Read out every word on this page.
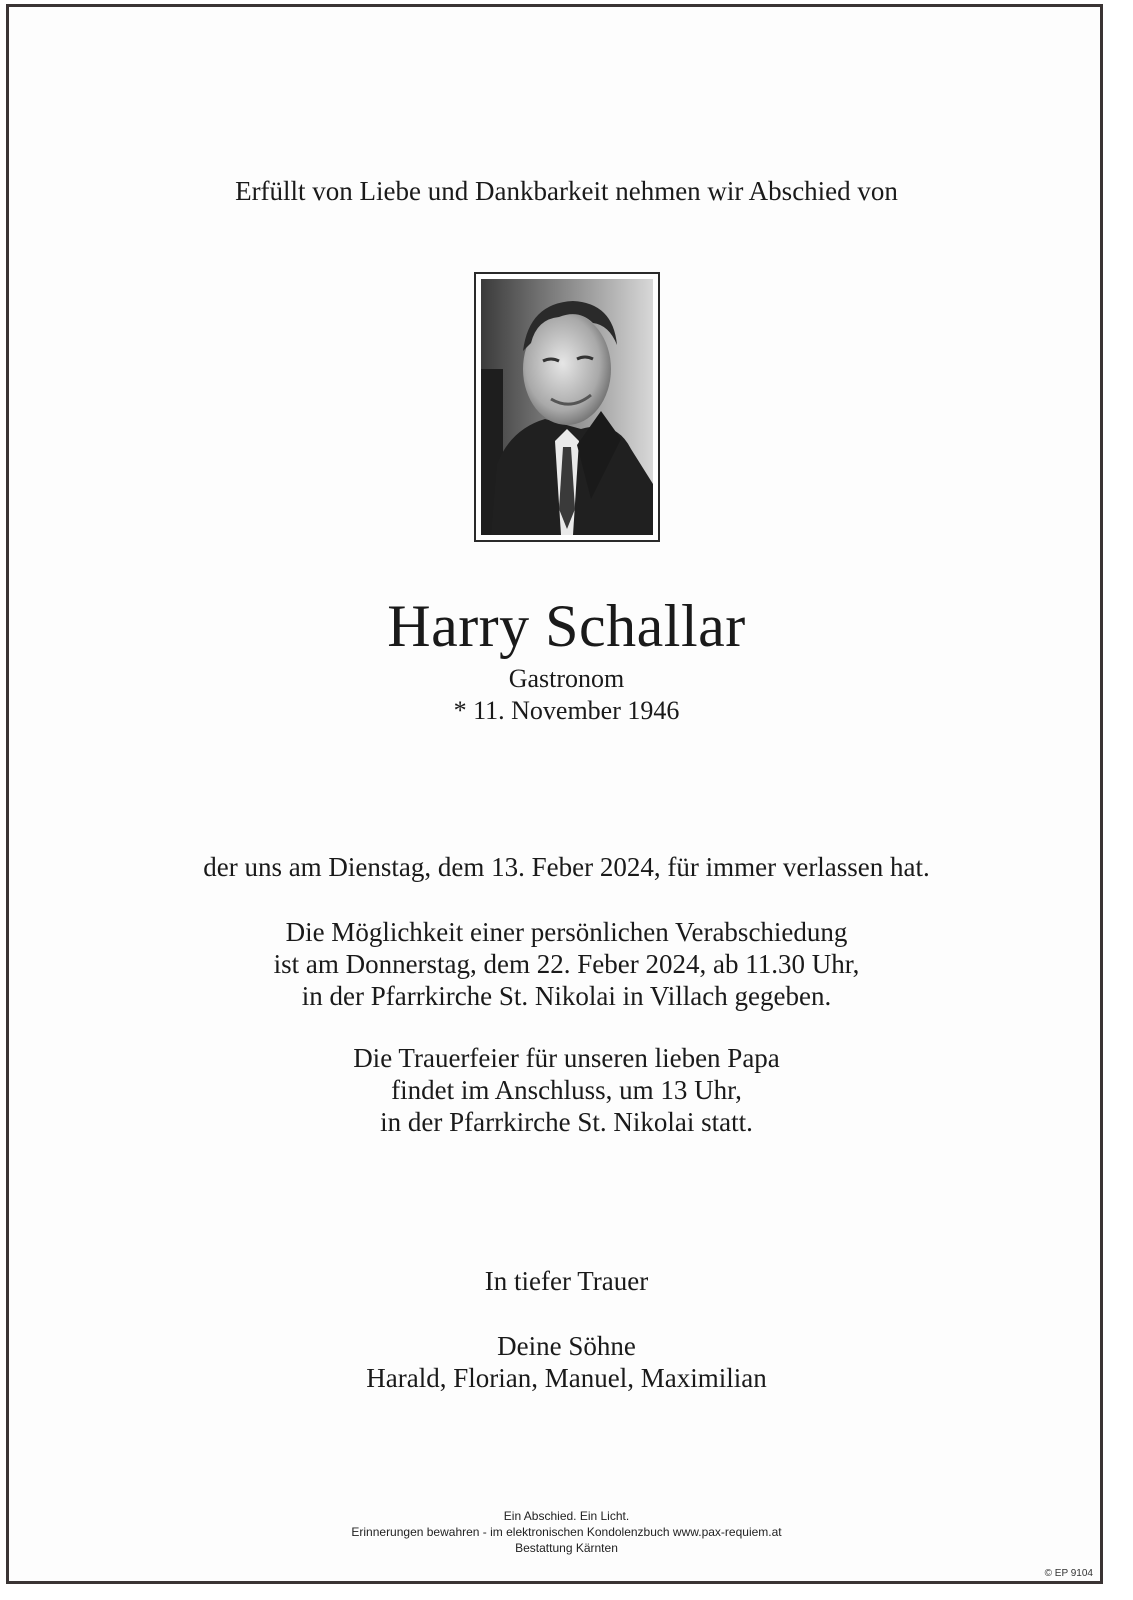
Erfüllt von Liebe und Dankbarkeit nehmen wir Abschied von
Harry Schallar
Gastronom
* 11. November 1946
der uns am Dienstag, dem 13. Feber 2024, für immer verlassen hat.
Die Möglichkeit einer persönlichen Verabschiedung
ist am Donnerstag, dem 22. Feber 2024, ab 11.30 Uhr,
in der Pfarrkirche St. Nikolai in Villach gegeben.
Die Trauerfeier für unseren lieben Papa
findet im Anschluss, um 13 Uhr,
in der Pfarrkirche St. Nikolai statt.
In tiefer Trauer
Deine Söhne
Harald, Florian, Manuel, Maximilian
Ein Abschied. Ein Licht.
Erinnerungen bewahren - im elektronischen Kondolenzbuch www.pax-requiem.at
Bestattung Kärnten
© EP 9104
